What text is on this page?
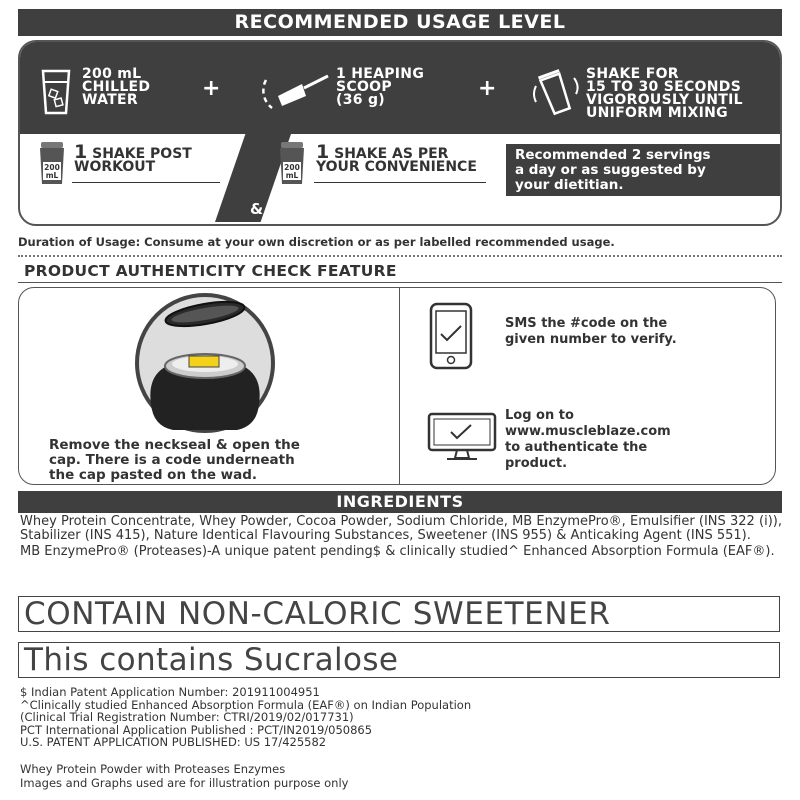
RECOMMENDED USAGE LEVEL
200 mL
CHILLED
WATER	+
1 HEAPING
SCOOP
(36 g)	+
SHAKE FOR
15 TO 30 SECONDS
VIGOROUSLY UNTIL
UNIFORM MIXING
200 mL
1 SHAKE POST
WORKOUT
&
200 mL
1 SHAKE AS PER
YOUR CONVENIENCE
Recommended 2 servings
a day or as suggested by
your dietitian.
Duration of Usage: Consume at your own discretion or as per labelled recommended usage.
PRODUCT AUTHENTICITY CHECK FEATURE
Remove the neckseal & open the
cap. There is a code underneath
the cap pasted on the wad.
SMS the #code on the
given number to verify.
Log on to
www.muscleblaze.com
to authenticate the
product.
INGREDIENTS

Whey Protein Concentrate, Whey Powder, Cocoa Powder, Sodium Chloride, MB EnzymePro®, Emulsifier (INS 322 (i)), Stabilizer (INS 415), Nature Identical Flavouring Substances, Sweetener (INS 955) & Anticaking Agent (INS 551).

MB EnzymePro® (Proteases)-A unique patent pending$ & clinically studied^ Enhanced Absorption Formula (EAF®).

CONTAIN NON-CALORIC SWEETENER
This contains Sucralose
$ Indian Patent Application Number: 201911004951
^Clinically studied Enhanced Absorption Formula (EAF®) on Indian Population
(Clinical Trial Registration Number: CTRI/2019/02/017731)
PCT International Application Published : PCT/IN2019/050865
U.S. PATENT APPLICATION PUBLISHED: US 17/425582
Whey Protein Powder with Proteases Enzymes
Images and Graphs used are for illustration purpose only
